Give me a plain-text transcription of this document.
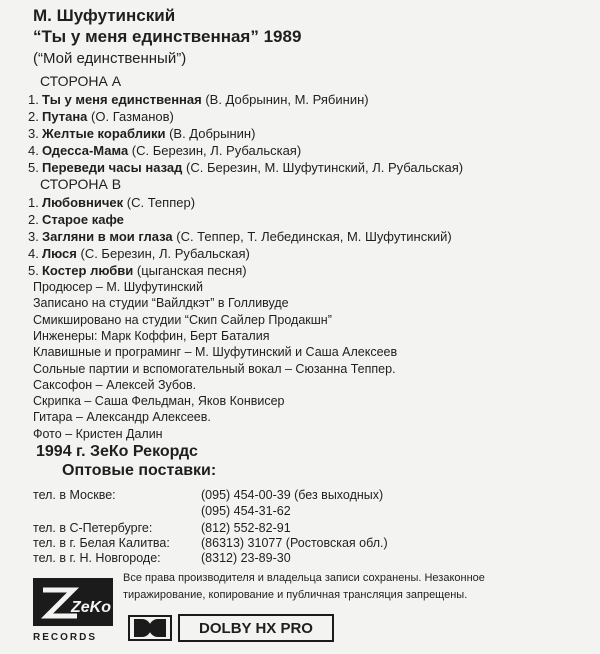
М. Шуфутинский
“Ты у меня единственная” 1989
(“Мой единственный”)
СТОРОНА А
1. Ты у меня единственная (В. Добрынин, М. Рябинин)
2. Путана (О. Газманов)
3. Желтые кораблики (В. Добрынин)
4. Одесса-Мама (С. Березин, Л. Рубальская)
5. Переведи часы назад (С. Березин, М. Шуфутинский, Л. Рубальская)
СТОРОНА В
1. Любовничек (С. Теппер)
2. Старое кафе
3. Загляни в мои глаза (С. Теппер, Т. Лебединская, М. Шуфутинский)
4. Люся (С. Березин, Л. Рубальская)
5. Костер любви (цыганская песня)
Продюсер – М. Шуфутинский
Записано на студии “Вайлдкэт” в Голливуде
Смикшировано на студии “Скип Сайлер Продакшн”
Инженеры: Марк Коффин, Берт Баталия
Клавишные и програминг – М. Шуфутинский и Саша Алексеев
Сольные партии и вспомогательный вокал – Сюзанна Теппер.
Саксофон – Алексей Зубов.
Скрипка – Саша Фельдман, Яков Конвисер
Гитара – Александр Алексеев.
Фото – Кристен Далин
1994 г. ЗеКо Рекордс
Оптовые поставки:
тел. в Москве:	(095) 454-00-39 (без выходных)
(095) 454-31-62
тел. в С-Петербурге:	(812) 552-82-91
тел. в г. Белая Калитва: (86313) 31077 (Ростовская обл.)
тел. в г. Н. Новгороде:	(8312) 23-89-30
ZeKo
RECORDS
Все права производителя и владельца записи сохранены. Незаконное тиражирование, копирование и публичная трансляция запрещены.
DOLBY HX PRO
